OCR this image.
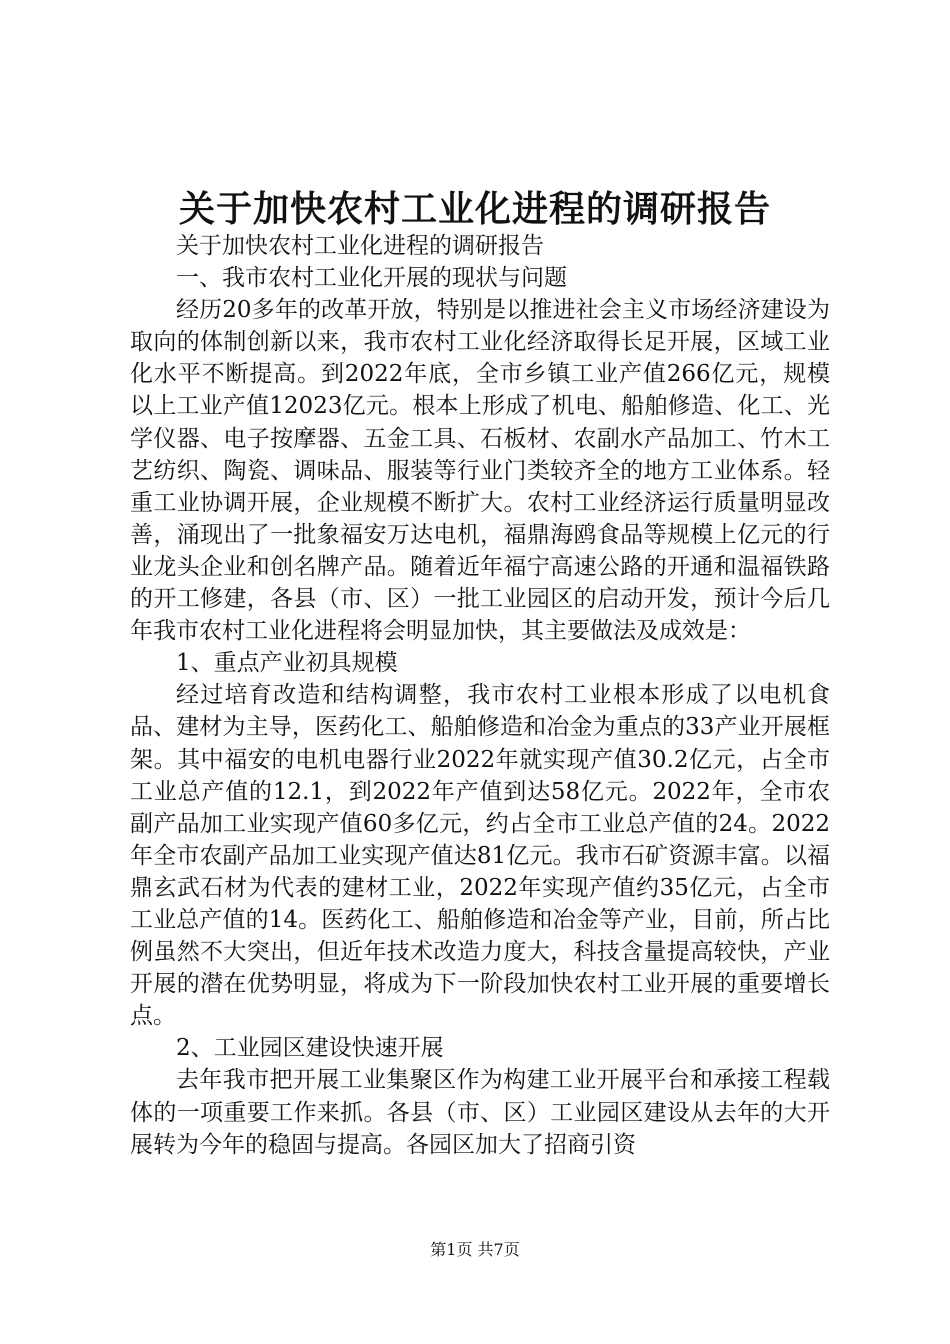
关于加快农村工业化进程的调研报告

关于加快农村工业化进程的调研报告

一、我市农村工业化开展的现状与问题

经历20多年的改革开放，特别是以推进社会主义市场经济建设为取向的体制创新以来，我市农村工业化经济取得长足开展，区域工业化水平不断提高。到2022年底，全市乡镇工业产值266亿元，规模以上工业产值12023亿元。根本上形成了机电、船舶修造、化工、光学仪器、电子按摩器、五金工具、石板材、农副水产品加工、竹木工艺纺织、陶瓷、调味品、服装等行业门类较齐全的地方工业体系。轻重工业协调开展，企业规模不断扩大。农村工业经济运行质量明显改善，涌现出了一批象福安万达电机，福鼎海鸥食品等规模上亿元的行业龙头企业和创名牌产品。随着近年福宁高速公路的开通和温福铁路的开工修建，各县（市、区）一批工业园区的启动开发，预计今后几年我市农村工业化进程将会明显加快，其主要做法及成效是：

1、重点产业初具规模

经过培育改造和结构调整，我市农村工业根本形成了以电机食品、建材为主导，医药化工、船舶修造和冶金为重点的33产业开展框架。其中福安的电机电器行业2022年就实现产值30.2亿元，占全市工业总产值的12.1，到2022年产值到达58亿元。2022年，全市农副产品加工业实现产值60多亿元，约占全市工业总产值的24。2022年全市农副产品加工业实现产值达81亿元。我市石矿资源丰富。以福鼎玄武石材为代表的建材工业，2022年实现产值约35亿元，占全市工业总产值的14。医药化工、船舶修造和冶金等产业，目前，所占比例虽然不大突出，但近年技术改造力度大，科技含量提高较快，产业开展的潜在优势明显，将成为下一阶段加快农村工业开展的重要增长点。

2、工业园区建设快速开展

去年我市把开展工业集聚区作为构建工业开展平台和承接工程载体的一项重要工作来抓。各县（市、区）工业园区建设从去年的大开展转为今年的稳固与提高。各园区加大了招商引资

第1页 共7页
